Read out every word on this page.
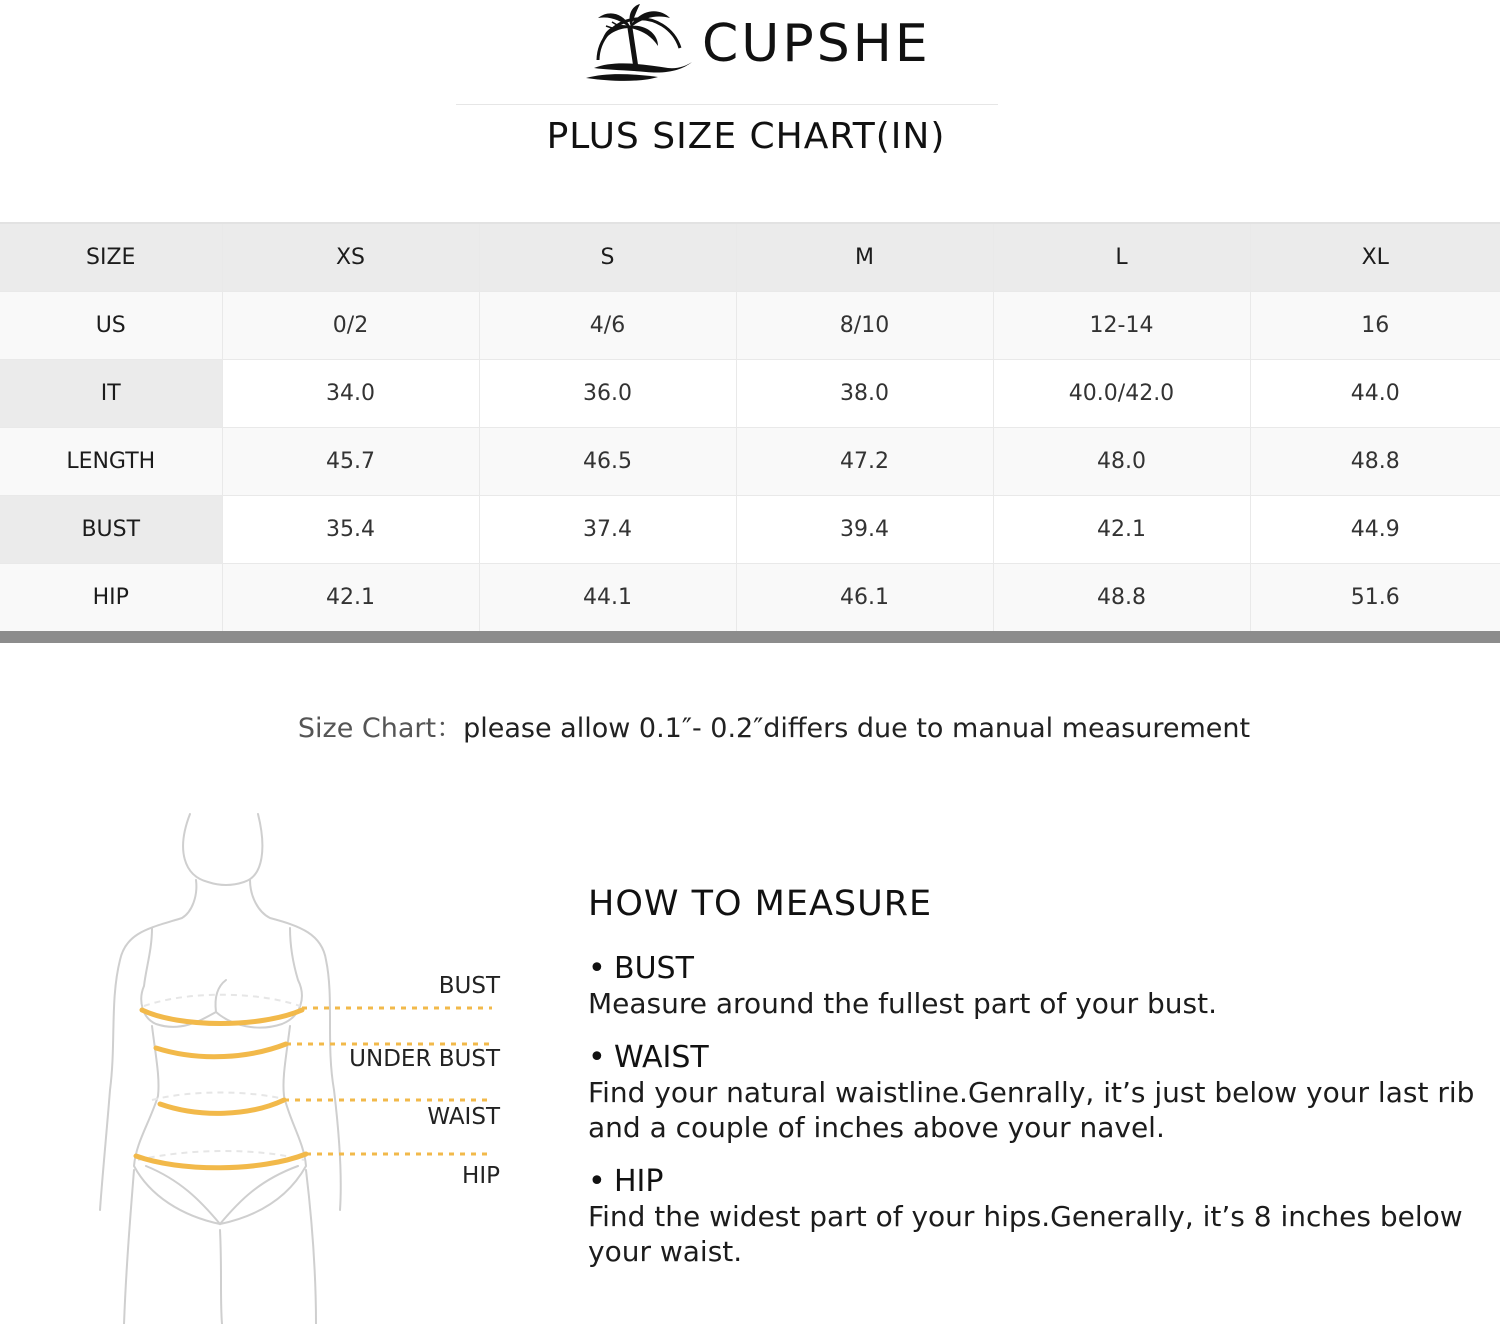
CUPSHE
PLUS SIZE CHART(IN)
SIZE	XS	S	M	L	XL
US	0/2	4/6	8/10	12-14	16
IT	34.0	36.0	38.0	40.0/42.0	44.0
LENGTH	45.7	46.5	47.2	48.0	48.8
BUST	35.4	37.4	39.4	42.1	44.9
HIP	42.1	44.1	46.1	48.8	51.6
Size Chart：please allow 0.1″- 0.2″differs due to manual measurement
BUST
UNDER BUST
WAIST
HIP
HOW TO MEASURE
• BUST
Measure around the fullest part of your bust.
• WAIST
Find your natural waistline.Genrally, it’s just below your last rib and a couple of inches above your navel.
• HIP
Find the widest part of your hips.Generally, it’s 8 inches below your waist.
